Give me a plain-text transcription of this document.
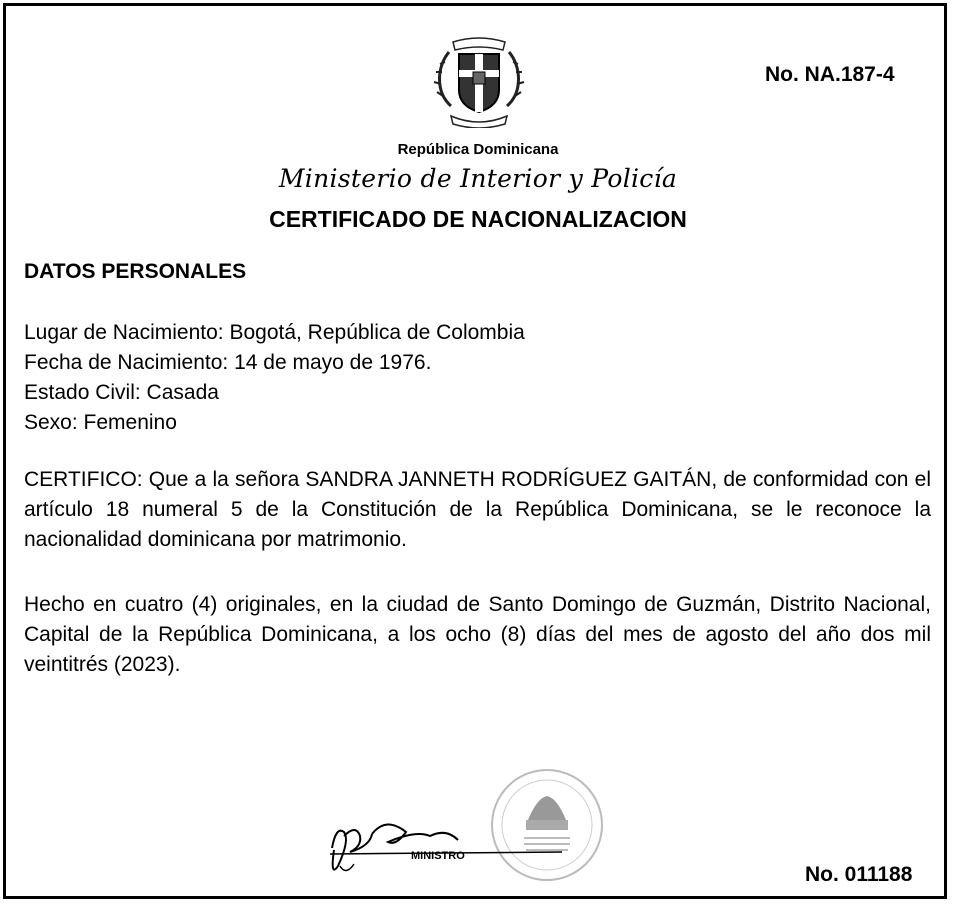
No. NA.187-4
República Dominicana
Ministerio de Interior y Policía
CERTIFICADO DE NACIONALIZACION
DATOS PERSONALES
Lugar de Nacimiento: Bogotá, República de Colombia
Fecha de Nacimiento: 14 de mayo de 1976.
Estado Civil: Casada
Sexo: Femenino
CERTIFICO: Que a la señora SANDRA JANNETH RODRÍGUEZ GAITÁN, de conformidad con el artículo 18 numeral 5 de la Constitución de la República Dominicana, se le reconoce la nacionalidad dominicana por matrimonio.
Hecho en cuatro (4) originales, en la ciudad de Santo Domingo de Guzmán, Distrito Nacional, Capital de la República Dominicana, a los ocho (8) días del mes de agosto del año dos mil veintitrés (2023).
MINISTRO
No. 011188
